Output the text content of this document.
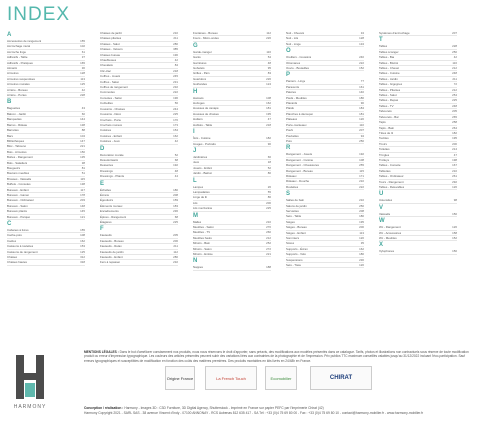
INDEX
A
Accessoires de rangement	155
Accrochage mural	102
Accroche linge	61
Adhésifs - Table	37
Adhésifs - Pratiques	165
Aimants	30
Armoires	128
Armoires suspendues	113
Armoires murales	125
Arrière - Bureau	42
Arrière - Portes	228
B
Baguettes	43
Balcon - Jardin	60
Banquettes	144
Barres - Rideau	138
Barrettes	88
Bars	104
Bibliothèques	147
Bloc - Tabouret	221
Bois - Armoires	150
Boîtes - Rangement	135
Bols - Saladiers	38
Bougeoirs	81
Boutons meubles	51
Brosses - Vaisselle	115
Buffets - Consoles	138
Bureaux - Enfant	117
Bureaux - Gamer	178
Bureaux - Ordinateur	203
Bureaux - Salon	148
Bureaux pliants	145
Bureaux - Parquet	121
C
Cabanes à livres	155
Cache-pots	108
Cadres	162
Caissons à roulettes	153
Caissons de rangement	125
Chaises	312
Chaises hautes	318
Chaises de jardin	210
Chaises pliantes	211
Chaises - Salon	280
Chaises - Velours	385
Chaises bureau	196
Chauffeuses	42
Chevalets	84
Clic-clac	218
Coffres - Jouets	245
Coffres - Salon	231
Coffres de rangement	232
Commodes	222
Consoles - Salon	196
Corbeilles	56
Coussins - Chaises	244
Coussins - Déco	225
Crochets - Porte	176
Crochets muraux	173
Cuisines	154
Cuisines - Enfant	162
Cuisines - Jeux	42
D
Décoration murale	52
Désodorisants	68
Dessertes	192
Dressings	48
Dressings - Pliants	44
E
Échelles	180
Écrans	208
Égouttoirs	159
Éléments muraux	183
Encadrements	236
Épices - Rangement	68
Étagères	225
F
Fauteuils	205
Fauteuils - Bureau	206
Fauteuils - Relax	211
Fauteuils de jardin	112
Fauteuils - Enfant	280
Fers à repasser	232
Fontaines - Bureau	112
Fours - Micro-ondes	226
G
Garde-manger	116
Gants	54
Garnitures	48
Gobelets	95
Grilles - Pain	83
Guéridons	226
Guirlandes	124
H
Hamacs	108
Horloges	162
Housses de canapé	181
Housses de chaises	195
Huiliers	47
Hublots - Table	218
I
Îlots - Cuisine	182
Images - Portraits	90
J
Jardinières	66
Jeux	18
Jouets - Enfant	52
Jardin - Balcon	80
L
Lampes	26
Lampadaires	55
Linge de lit	86
Lits	200
Lits mezzanine	225
M
Malles	210
Meubles - Salon	270
Meubles - TV	260
Meubles hauts	212
Miroirs - Bain	252
Miroirs - Salon	272
Miroirs - Entrée	221
N
Nappes	188
Nuit - Chevets	34
Nuit - Lits	128
Nuit - Linge	134
O
Oreillers - Coussins	240
Ottomanes	222
Ouvre - Bouteilles	152
P
Paniers - Linge	77
Paravents	161
Patères	140
Pieds - Meubles	180
Placards	90
Plaids	184
Planches à découper	181
Plateaux	120
Porte-manteaux	110
Poufs	207
Poubelles	94
Pots	250
R
Rangement - Jouets	192
Rangement - Cuisine	108
Rangement - Chaussures	255
Rangement - Bureau	115
Rideaux	171
Rideaux - Douche	210
Roulettes	222
S
Salles de bain	210
Salons de jardin	250
Serviettes	208
Sets - Table	180
Sièges	195
Sièges - Bureau	200
Sièges - Enfant	113
Sommiers	120
Stores	35
Supports - Écran	162
Supports - Vélo	180
Suspensions	230
Sets - Tissu	120
Systèmes d'accrochage	207
T
Tables	228
Tables à langer	250
Tables - Bar	42
Tables - Bistrot	116
Tables - Chevet	212
Tables - Cuisine	248
Tables - Jardin	211
Tables - Gigognes	72
Tables - Pliantes	212
Tables - Salon	254
Tables - Repas	225
Tables - TV	248
Tabourets	205
Tabourets - Bar	265
Tapis	258
Tapis - Bain	264
Têtes de lit	182
Textiles	195
Tiroirs	200
Toilettes	214
Tringles	47
Trolleys	198
Tables - Console	167
Tablettes	210
Tables - Ordinateur	261
Tours - Rangement	292
Tables - Relevables	126
U
Ustensiles	98
V
Vaisselle	150
W
Wc - Rangement	126
Wc - Accessoires	158
Wc - Meubles	152
X
Xylophones	150
HARMONY
MENTIONS LÉGALES : Dans le but d'améliorer constamment nos produits, nous nous réservons le droit d'apporter, sans préavis, des modifications aux modèles présentés dans ce catalogue. Tarifs, photos et illustrations non contractuels sous réserve de toute modification produit ou erreur d'impression typographique. Les couleurs des articles présentés peuvent subir des variations liées aux contraintes de la photographie et de l'impression. Prix publics TTC maximum conseillés valables jusqu'au 31/12/2022 incluant l'éco-participation. Sauf erreurs typographiques et susceptibles de modification en fonction des coûts des matières premières. Des produits montables en kits livrés en 24/48h en France.
Origine France	La French Touch	Ecomobilier	CHIRAT
Conception / réalisation : Harmony - Images 3D : C3D Furniture, 3D Digital Agency, Shutterstock - Imprimé en France sur papier PEFC par l'Imprimerie Chirat (42)
Harmony Copyright 2021 - SARL SAS - 38 avenue Vincent d'Indy - 07100 ANNONAY - RCS Aubenas 812 635 417 - SA Tél : +33 (0)4 75 69 80 00 - Fax : +33 (0)4 75 69 80 10 - contact@harmony-mobilier.fr - www.harmony-mobilier.fr
